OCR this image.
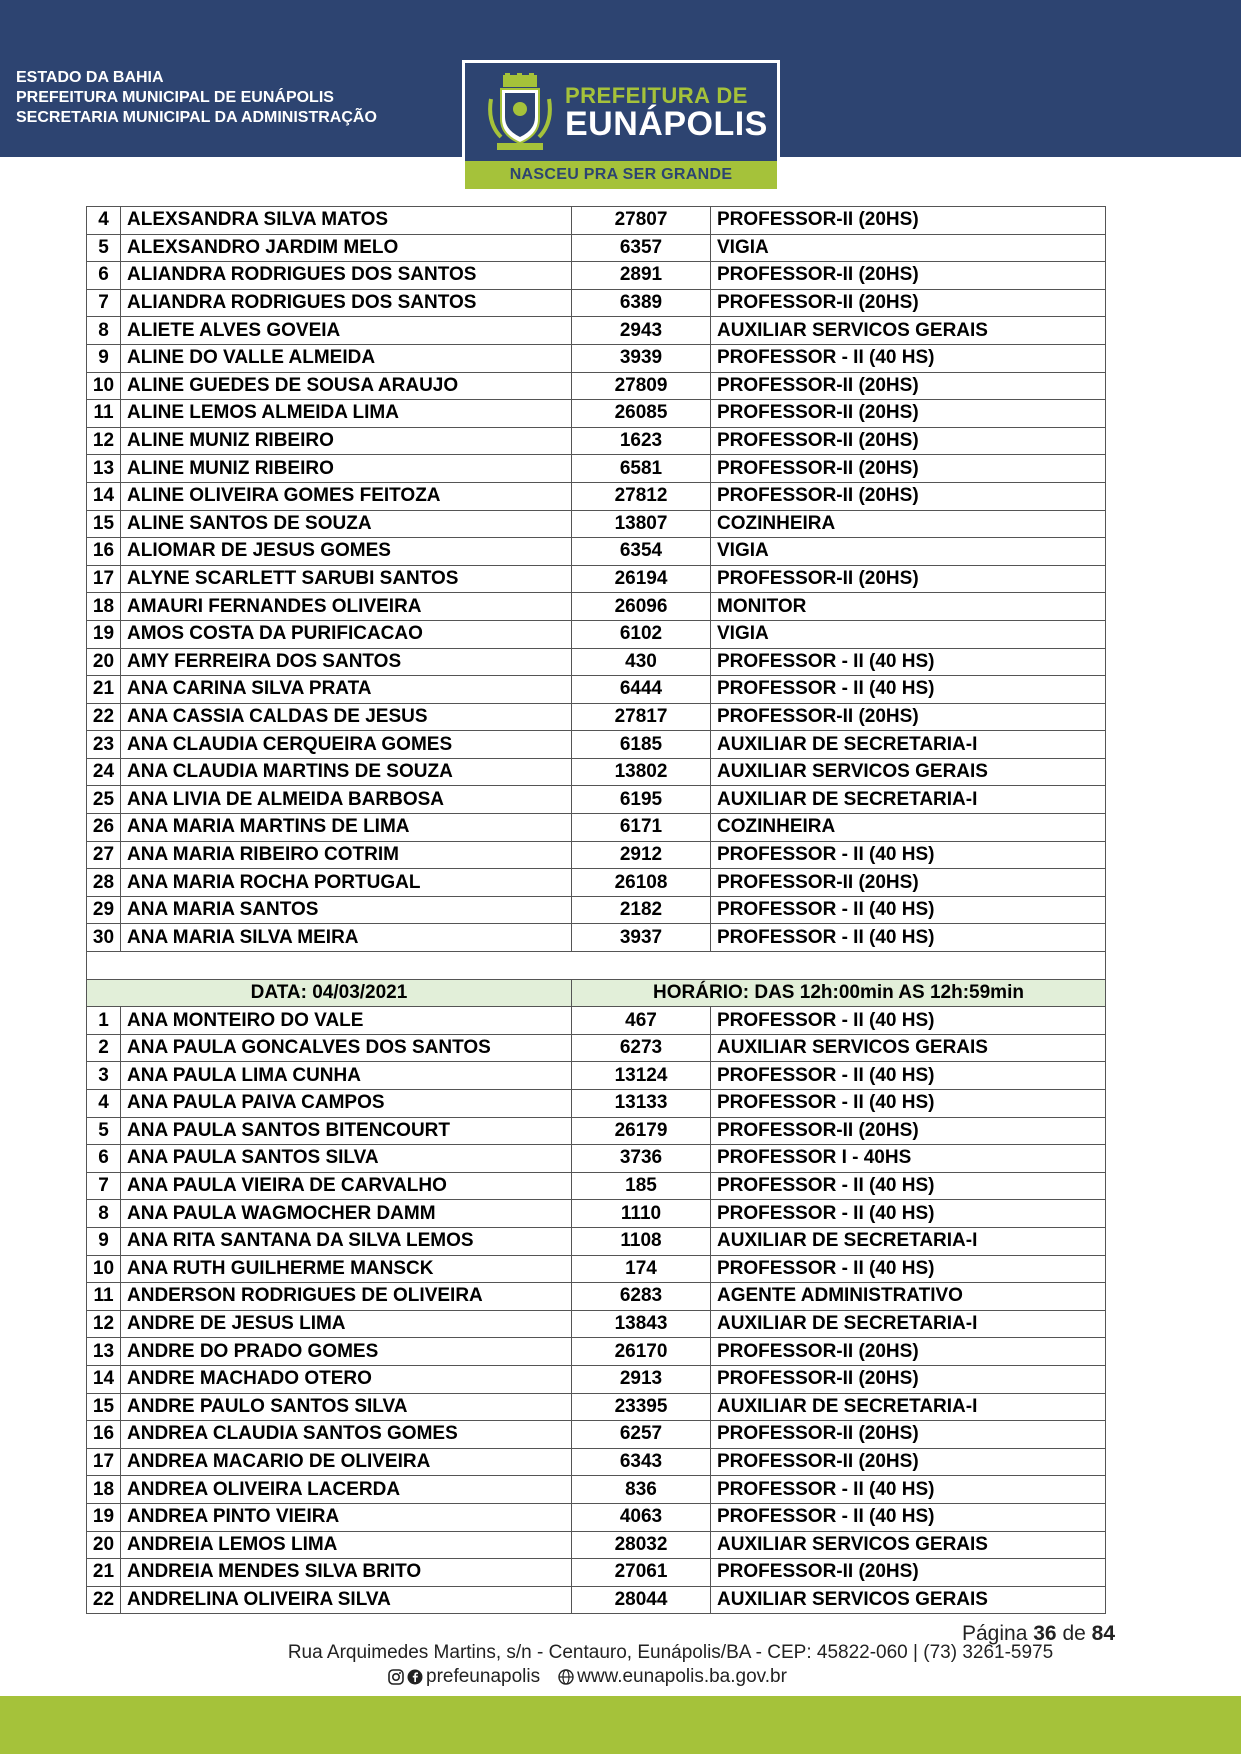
ESTADO DA BAHIA
PREFEITURA MUNICIPAL DE EUNÁPOLIS
SECRETARIA MUNICIPAL DA ADMINISTRAÇÃO
PREFEITURA DE
EUNÁPOLIS
NASCEU PRA SER GRANDE
4	ALEXSANDRA SILVA MATOS	27807	PROFESSOR-II (20HS)
5	ALEXSANDRO JARDIM MELO	6357	VIGIA
6	ALIANDRA RODRIGUES DOS SANTOS	2891	PROFESSOR-II (20HS)
7	ALIANDRA RODRIGUES DOS SANTOS	6389	PROFESSOR-II (20HS)
8	ALIETE ALVES GOVEIA	2943	AUXILIAR SERVICOS GERAIS
9	ALINE DO VALLE ALMEIDA	3939	PROFESSOR - II (40 HS)
10	ALINE GUEDES DE SOUSA ARAUJO	27809	PROFESSOR-II (20HS)
11	ALINE LEMOS ALMEIDA LIMA	26085	PROFESSOR-II (20HS)
12	ALINE MUNIZ RIBEIRO	1623	PROFESSOR-II (20HS)
13	ALINE MUNIZ RIBEIRO	6581	PROFESSOR-II (20HS)
14	ALINE OLIVEIRA GOMES FEITOZA	27812	PROFESSOR-II (20HS)
15	ALINE SANTOS DE SOUZA	13807	COZINHEIRA
16	ALIOMAR DE JESUS GOMES	6354	VIGIA
17	ALYNE SCARLETT SARUBI SANTOS	26194	PROFESSOR-II (20HS)
18	AMAURI FERNANDES OLIVEIRA	26096	MONITOR
19	AMOS COSTA DA PURIFICACAO	6102	VIGIA
20	AMY FERREIRA DOS SANTOS	430	PROFESSOR - II (40 HS)
21	ANA CARINA SILVA PRATA	6444	PROFESSOR - II (40 HS)
22	ANA CASSIA CALDAS DE JESUS	27817	PROFESSOR-II (20HS)
23	ANA CLAUDIA CERQUEIRA GOMES	6185	AUXILIAR DE SECRETARIA-I
24	ANA CLAUDIA MARTINS DE SOUZA	13802	AUXILIAR SERVICOS GERAIS
25	ANA LIVIA DE ALMEIDA BARBOSA	6195	AUXILIAR DE SECRETARIA-I
26	ANA MARIA MARTINS DE LIMA	6171	COZINHEIRA
27	ANA MARIA RIBEIRO COTRIM	2912	PROFESSOR - II (40 HS)
28	ANA MARIA ROCHA PORTUGAL	26108	PROFESSOR-II (20HS)
29	ANA MARIA SANTOS	2182	PROFESSOR - II (40 HS)
30	ANA MARIA SILVA MEIRA	3937	PROFESSOR - II (40 HS)

DATA: 04/03/2021		HORÁRIO: DAS 12h:00min AS 12h:59min	
1	ANA MONTEIRO DO VALE	467	PROFESSOR - II (40 HS)
2	ANA PAULA GONCALVES DOS SANTOS	6273	AUXILIAR SERVICOS GERAIS
3	ANA PAULA LIMA CUNHA	13124	PROFESSOR - II (40 HS)
4	ANA PAULA PAIVA CAMPOS	13133	PROFESSOR - II (40 HS)
5	ANA PAULA SANTOS BITENCOURT	26179	PROFESSOR-II (20HS)
6	ANA PAULA SANTOS SILVA	3736	PROFESSOR I - 40HS
7	ANA PAULA VIEIRA DE CARVALHO	185	PROFESSOR - II (40 HS)
8	ANA PAULA WAGMOCHER DAMM	1110	PROFESSOR - II (40 HS)
9	ANA RITA SANTANA DA SILVA LEMOS	1108	AUXILIAR DE SECRETARIA-I
10	ANA RUTH GUILHERME MANSCK	174	PROFESSOR - II (40 HS)
11	ANDERSON RODRIGUES DE OLIVEIRA	6283	AGENTE ADMINISTRATIVO
12	ANDRE DE JESUS LIMA	13843	AUXILIAR DE SECRETARIA-I
13	ANDRE DO PRADO GOMES	26170	PROFESSOR-II (20HS)
14	ANDRE MACHADO OTERO	2913	PROFESSOR-II (20HS)
15	ANDRE PAULO SANTOS SILVA	23395	AUXILIAR DE SECRETARIA-I
16	ANDREA CLAUDIA SANTOS GOMES	6257	PROFESSOR-II (20HS)
17	ANDREA MACARIO DE OLIVEIRA	6343	PROFESSOR-II (20HS)
18	ANDREA OLIVEIRA LACERDA	836	PROFESSOR - II (40 HS)
19	ANDREA PINTO VIEIRA	4063	PROFESSOR - II (40 HS)
20	ANDREIA LEMOS LIMA	28032	AUXILIAR SERVICOS GERAIS
21	ANDREIA MENDES SILVA BRITO	27061	PROFESSOR-II (20HS)
22	ANDRELINA OLIVEIRA SILVA	28044	AUXILIAR SERVICOS GERAIS
Página 36 de 84
Rua Arquimedes Martins, s/n - Centauro, Eunápolis/BA - CEP: 45822-060 | (73) 3261-5975
prefeunapolis www.eunapolis.ba.gov.br
